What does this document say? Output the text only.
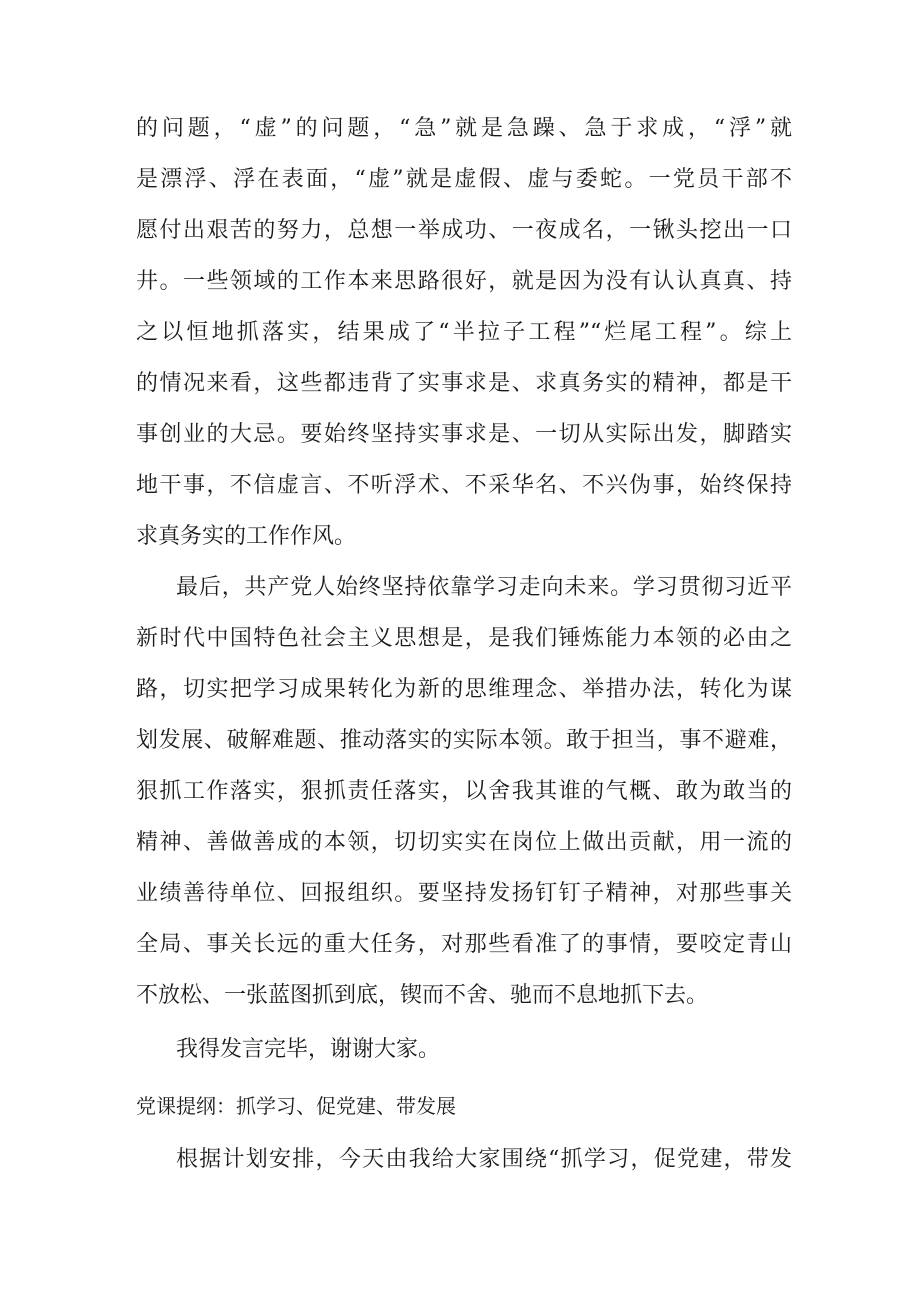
的问题，“虚”的问题，“急”就是急躁、急于求成，“浮”就
是漂浮、浮在表面，“虚”就是虚假、虚与委蛇。一党员干部不
愿付出艰苦的努力，总想一举成功、一夜成名，一锹头挖出一口
井。一些领域的工作本来思路很好，就是因为没有认认真真、持
之以恒地抓落实，结果成了“半拉子工程”“烂尾工程”。综上
的情况来看，这些都违背了实事求是、求真务实的精神，都是干
事创业的大忌。要始终坚持实事求是、一切从实际出发，脚踏实
地干事，不信虚言、不听浮术、不采华名、不兴伪事，始终保持
求真务实的工作作风。
最后，共产党人始终坚持依靠学习走向未来。学习贯彻习近平
新时代中国特色社会主义思想是，是我们锤炼能力本领的必由之
路，切实把学习成果转化为新的思维理念、举措办法，转化为谋
划发展、破解难题、推动落实的实际本领。敢于担当，事不避难，
狠抓工作落实，狠抓责任落实，以舍我其谁的气概、敢为敢当的
精神、善做善成的本领，切切实实在岗位上做出贡献，用一流的
业绩善待单位、回报组织。要坚持发扬钉钉子精神，对那些事关
全局、事关长远的重大任务，对那些看准了的事情，要咬定青山
不放松、一张蓝图抓到底，锲而不舍、驰而不息地抓下去。
我得发言完毕，谢谢大家。
党课提纲：抓学习、促党建、带发展
根据计划安排，今天由我给大家围绕“抓学习，促党建，带发
